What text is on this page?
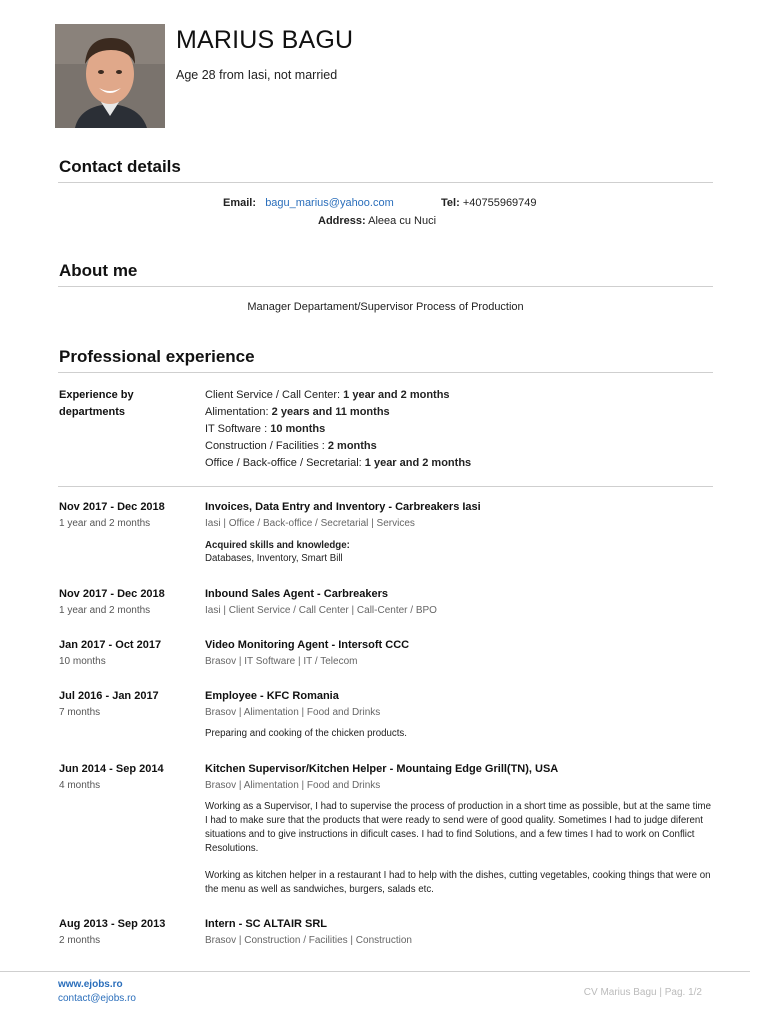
MARIUS BAGU
Age 28 from Iasi, not married
Contact details
Email: bagu_marius@yahoo.com	Tel: +40755969749
Address: Aleea cu Nuci
About me
Manager Departament/Supervisor Process of Production
Professional experience
Experience by
departments
Client Service / Call Center: 1 year and 2 months
Alimentation: 2 years and 11 months
IT Software : 10 months
Construction / Facilities : 2 months
Office / Back-office / Secretarial: 1 year and 2 months
Nov 2017 - Dec 2018
1 year and 2 months
Invoices, Data Entry and Inventory - Carbreakers Iasi
Iasi | Office / Back-office / Secretarial | Services
Acquired skills and knowledge:
Databases, Inventory, Smart Bill
Nov 2017 - Dec 2018
1 year and 2 months
Inbound Sales Agent - Carbreakers
Iasi | Client Service / Call Center | Call-Center / BPO
Jan 2017 - Oct 2017
10 months
Video Monitoring Agent - Intersoft CCC
Brasov | IT Software | IT / Telecom
Jul 2016 - Jan 2017
7 months
Employee - KFC Romania
Brasov | Alimentation | Food and Drinks
Preparing and cooking of the chicken products.
Jun 2014 - Sep 2014
4 months
Kitchen Supervisor/Kitchen Helper - Mountaing Edge Grill(TN), USA
Brasov | Alimentation | Food and Drinks
Working as a Supervisor, I had to supervise the process of production in a short time as possible, but at the same time I had to make sure that the products that were ready to send were of good quality. Sometimes I had to judge diferent situations and to give instructions in dificult cases. I had to find Solutions, and a few times I had to work on Conflict Resolutions.
Working as kitchen helper in a restaurant I had to help with the dishes, cutting vegetables, cooking things that were on the menu as well as sandwiches, burgers, salads etc.
Aug 2013 - Sep 2013
2 months
Intern - SC ALTAIR SRL
Brasov | Construction / Facilities | Construction
www.ejobs.ro
contact@ejobs.ro
CV Marius Bagu | Pag. 1/2
